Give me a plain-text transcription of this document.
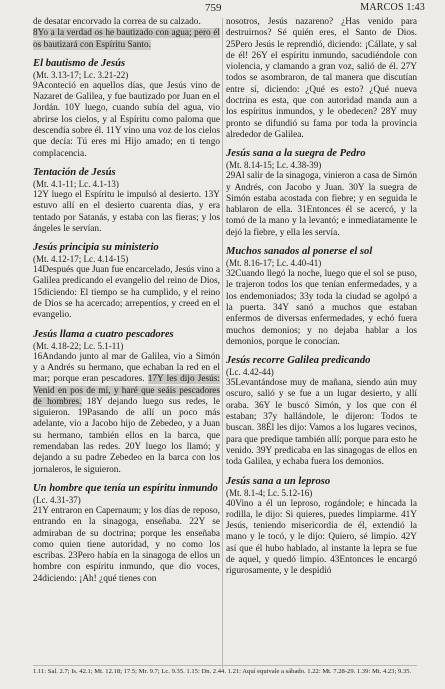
759	MARCOS 1:43

de desatar encorvado la correa de su calzado.

8Yo a la verdad os he bautizado con agua; pero él os bautizará con Espíritu Santo.

El bautismo de Jesús
(Mt. 3.13-17; Lc. 3.21-22)

9Aconteció en aquellos días, que Jesús vino de Nazaret de Galilea, y fue bautizado por Juan en el Jordán. 10Y luego, cuando subía del agua, vio abrirse los cielos, y al Espíritu como paloma que descendía sobre él. 11Y vino una voz de los cielos que decía: Tú eres mi Hijo amado; en ti tengo complacencia.

Tentación de Jesús
(Mt. 4.1-11; Lc. 4.1-13)

12Y luego el Espíritu le impulsó al desierto. 13Y estuvo allí en el desierto cuarenta días, y era tentado por Satanás, y estaba con las fieras; y los ángeles le servían.

Jesús principia su ministerio
(Mt. 4.12-17; Lc. 4.14-15)

14Después que Juan fue encarcelado, Jesús vino a Galilea predicando el evangelio del reino de Dios, 15diciendo: El tiempo se ha cumplido, y el reino de Dios se ha acercado; arrepentíos, y creed en el evangelio.

Jesús llama a cuatro pescadores
(Mt. 4.18-22; Lc. 5.1-11)

16Andando junto al mar de Galilea, vio a Simón y a Andrés su hermano, que echaban la red en el mar; porque eran pescadores. 17Y les dijo Jesús: Venid en pos de mí, y haré que seáis pescadores de hombres. 18Y dejando luego sus redes, le siguieron. 19Pasando de allí un poco más adelante, vio a Jacobo hijo de Zebedeo, y a Juan su hermano, también ellos en la barca, que remendaban las redes. 20Y luego los llamó; y dejando a su padre Zebedeo en la barca con los jornaleros, le siguieron.

Un hombre que tenía un espíritu inmundo
(Lc. 4.31-37)

21Y entraron en Capernaum; y los días de reposo, entrando en la sinagoga, enseñaba. 22Y se admiraban de su doctrina; porque les enseñaba como quien tiene autoridad, y no como los escribas. 23Pero había en la sinagoga de ellos un hombre con espíritu inmundo, que dio voces, 24diciendo: ¡Ah! ¿qué tienes con

nosotros, Jesús nazareno? ¿Has venido para destruirnos? Sé quién eres, el Santo de Dios. 25Pero Jesús le reprendió, diciendo: ¡Cállate, y sal de él! 26Y el espíritu inmundo, sacudiéndole con violencia, y clamando a gran voz, salió de él. 27Y todos se asombraron, de tal manera que discutían entre sí, diciendo: ¿Qué es esto? ¿Qué nueva doctrina es esta, que con autoridad manda aun a los espíritus inmundos, y le obedecen? 28Y muy pronto se difundió su fama por toda la provincia alrededor de Galilea.

Jesús sana a la suegra de Pedro
(Mt. 8.14-15; Lc. 4.38-39)

29Al salir de la sinagoga, vinieron a casa de Simón y Andrés, con Jacobo y Juan. 30Y la suegra de Simón estaba acostada con fiebre; y en seguida le hablaron de ella. 31Entonces él se acercó, y la tomó de la mano y la levantó; e inmediatamente le dejó la fiebre, y ella les servía.

Muchos sanados al ponerse el sol
(Mt. 8.16-17; Lc. 4.40-41)

32Cuando llegó la noche, luego que el sol se puso, le trajeron todos los que tenían enfermedades, y a los endemoniados; 33y toda la ciudad se agolpó a la puerta. 34Y sanó a muchos que estaban enfermos de diversas enfermedades, y echó fuera muchos demonios; y no dejaba hablar a los demonios, porque le conocían.

Jesús recorre Galilea predicando
(Lc. 4.42-44)

35Levantándose muy de mañana, siendo aún muy oscuro, salió y se fue a un lugar desierto, y allí oraba. 36Y le buscó Simón, y los que con él estaban; 37y hallándole, le dijeron: Todos te buscan. 38Él les dijo: Vamos a los lugares vecinos, para que predique también allí; porque para esto he venido. 39Y predicaba en las sinagogas de ellos en toda Galilea, y echaba fuera los demonios.

Jesús sana a un leproso
(Mt. 8.1-4; Lc. 5.12-16)

40Vino a él un leproso, rogándole; e hincada la rodilla, le dijo: Si quieres, puedes limpiarme. 41Y Jesús, teniendo misericordia de él, extendió la mano y le tocó, y le dijo: Quiero, sé limpio. 42Y así que él hubo hablado, al instante la lepra se fue de aquel, y quedó limpio. 43Entonces le encargó rigurosamente, y le despidió

1.11: Sal. 2.7; Is. 42.1; Mt. 12.18; 17.5; Mr. 9.7; Lc. 9.35. 1.15: Dn. 2.44. 1.21: Aquí equivale a sábado. 1.22: Mt. 7.28-29. 1.39: Mt. 4.23; 9.35.
